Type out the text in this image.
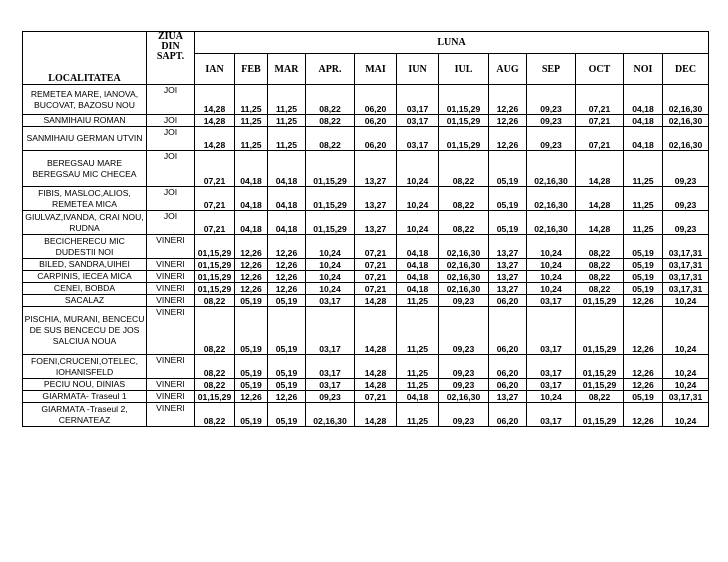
LOCALITATEA	ZIUA DIN SAPT.	LUNA											
		IAN	FEB	MAR	APR.	MAI	IUN	IUL	AUG	SEP	OCT	NOI	DEC
REMETEA MARE, IANOVA, BUCOVAT, BAZOSU NOU	JOI	14,28	11,25	11,25	08,22	06,20	03,17	01,15,29	12,26	09,23	07,21	04,18	02,16,30
SANMIHAIU ROMAN	JOI	14,28	11,25	11,25	08,22	06,20	03,17	01,15,29	12,26	09,23	07,21	04,18	02,16,30
SANMIHAIU GERMAN UTVIN	JOI	14,28	11,25	11,25	08,22	06,20	03,17	01,15,29	12,26	09,23	07,21	04,18	02,16,30
BEREGSAU MARE BEREGSAU MIC CHECEA	JOI	07,21	04,18	04,18	01,15,29	13,27	10,24	08,22	05,19	02,16,30	14,28	11,25	09,23
FIBIS, MASLOC,ALIOS, REMETEA MICA	JOI	07,21	04,18	04,18	01,15,29	13,27	10,24	08,22	05,19	02,16,30	14,28	11,25	09,23
GIULVAZ,IVANDA, CRAI NOU, RUDNA	JOI	07,21	04,18	04,18	01,15,29	13,27	10,24	08,22	05,19	02,16,30	14,28	11,25	09,23
BECICHERECU MIC DUDESTII NOI	VINERI	01,15,29	12,26	12,26	10,24	07,21	04,18	02,16,30	13,27	10,24	08,22	05,19	03,17,31
BILED, SANDRA,UIHEI	VINERI	01,15,29	12,26	12,26	10,24	07,21	04,18	02,16,30	13,27	10,24	08,22	05,19	03,17,31
CARPINIS, IECEA MICA	VINERI	01,15,29	12,26	12,26	10,24	07,21	04,18	02,16,30	13,27	10,24	08,22	05,19	03,17,31
CENEI, BOBDA	VINERI	01,15,29	12,26	12,26	10,24	07,21	04,18	02,16,30	13,27	10,24	08,22	05,19	03,17,31
SACALAZ	VINERI	08,22	05,19	05,19	03,17	14,28	11,25	09,23	06,20	03,17	01,15,29	12,26	10,24
PISCHIA, MURANI, BENCECU DE SUS BENCECU DE JOS SALCIUA NOUA	VINERI	08,22	05,19	05,19	03,17	14,28	11,25	09,23	06,20	03,17	01,15,29	12,26	10,24
FOENI,CRUCENI,OTELEC, IOHANISFELD	VINERI	08,22	05,19	05,19	03,17	14,28	11,25	09,23	06,20	03,17	01,15,29	12,26	10,24
PECIU NOU, DINIAS	VINERI	08,22	05,19	05,19	03,17	14,28	11,25	09,23	06,20	03,17	01,15,29	12,26	10,24
GIARMATA- Traseul 1	VINERI	01,15,29	12,26	12,26	09,23	07,21	04,18	02,16,30	13,27	10,24	08,22	05,19	03,17,31
GIARMATA -Traseul 2, CERNATEAZ	VINERI	08,22	05,19	05,19	02,16,30	14,28	11,25	09,23	06,20	03,17	01,15,29	12,26	10,24
